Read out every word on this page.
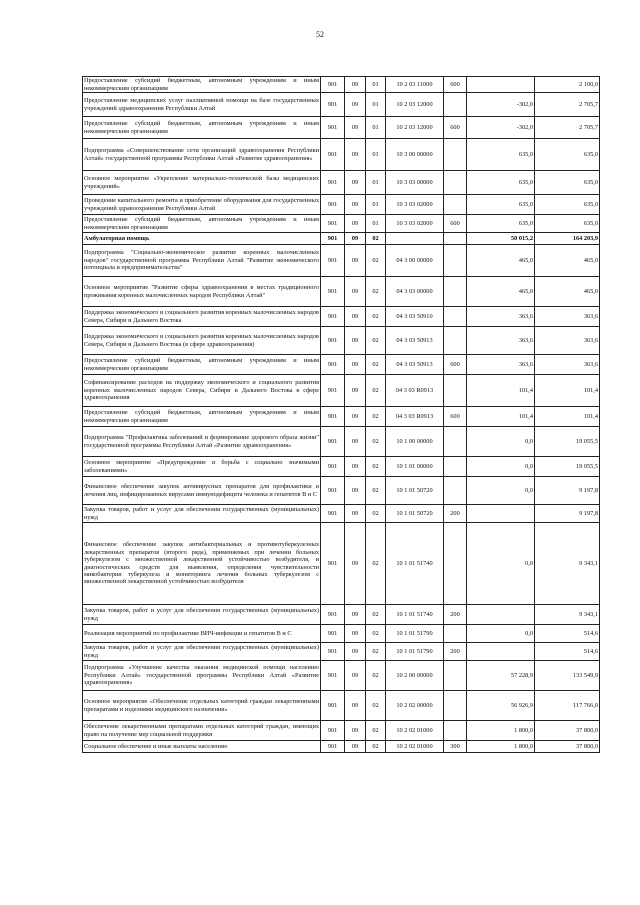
52
Предоставление субсидий бюджетным, автономным учреждениям и иным некоммерческим организациям	901	09	01	10 2 03 11000	600		2 100,0
Предоставление медицинских услуг паллиативной помощи на базе государственных учреждений здравоохранения Республики Алтай	901	09	01	10 2 03 12000		-302,0	2 705,7
Предоставление субсидий бюджетным, автономным учреждениям и иным некоммерческим организациям	901	09	01	10 2 03 12000	600	-302,0	2 705,7
Подпрограмма «Совершенствование сети организаций здравоохранения Республики Алтай» государственной программы Республики Алтай «Развитие здравоохранения»	901	09	01	10 3 00 00000		635,0	635,0
Основное мероприятие «Укрепление материально-технической базы медицинских учреждений»	901	09	01	10 3 03 00000		635,0	635,0
Проведение капитального ремонта и приобретение оборудования для государственных учреждений здравоохранения Республики Алтай	901	09	01	10 3 03 02000		635,0	635,0
Предоставление субсидий бюджетным, автономным учреждениям и иным некоммерческим организациям	901	09	01	10 3 03 02000	600	635,0	635,0
Амбулаторная помощь	901	09	02			50 015,2	164 203,9
Подпрограмма "Социально-экономическое развитие коренных малочисленных народов" государственной программы Республики Алтай "Развитие экономического потенциала и предпринимательства"	901	09	02	04 3 00 00000		465,0	465,0
Основное мероприятие "Развитие сферы здравоохранения в местах традиционного проживания коренных малочисленных народов Республики Алтай"	901	09	02	04 3 03 00000		465,0	465,0
Поддержка экономического и социального развития коренных малочисленных народов Севера, Сибири и Дальнего Востока	901	09	02	04 3 03 50910		363,6	363,6
Поддержка экономического и социального развития коренных малочисленных народов Севера, Сибири и Дальнего Востока (в сфере здравоохранения)	901	09	02	04 3 03 50913		363,6	363,6
Предоставление субсидий бюджетным, автономным учреждениям и иным некоммерческим организациям	901	09	02	04 3 03 50913	600	363,6	363,6
Софинансирование расходов на поддержку экономического и социального развития коренных малочисленных народов Севера, Сибири и Дальнего Востока в сфере здравоохранения	901	09	02	04 3 03 R0913		101,4	101,4
Предоставление субсидий бюджетным, автономным учреждениям и иным некоммерческим организациям	901	09	02	04 3 03 R0913	600	101,4	101,4
Подпрограмма "Профилактика заболеваний и формирование здорового образа жизни" государственной программы Республики Алтай «Развитие здравоохранения»	901	09	02	10 1 00 00000		0,0	19 055,5
Основное мероприятие «Предупреждение и борьба с социально значимыми заболеваниями»	901	09	02	10 1 01 00000		0,0	19 055,5
Финансовое обеспечение закупок антивирусных препаратов для профилактики и лечения лиц, инфицированных вирусами иммунодефицита человека и гепатитов В и С	901	09	02	10 1 01 50720		0,0	9 197,8
Закупка товаров, работ и услуг для обеспечения государственных (муниципальных) нужд	901	09	02	10 1 01 50720	200		9 197,8
Финансовое обеспечение закупок антибактериальных и противотуберкулезных лекарственных препаратов (второго ряда), применяемых при лечении больных туберкулезом с множественной лекарственной устойчивостью возбудителя, и диагностических средств для выявления, определения чувствительности микобактерии туберкулеза и мониторинга лечения больных туберкулезом с множественной лекарственной устойчивостью возбудителя	901	09	02	10 1 01 51740		0,0	9 343,1
Закупка товаров, работ и услуг для обеспечения государственных (муниципальных) нужд	901	09	02	10 1 01 51740	200		9 343,1
Реализация мероприятий по профилактике ВИЧ-инфекции и гепатитов В и С	901	09	02	10 1 01 51790		0,0	514,6
Закупка товаров, работ и услуг для обеспечения государственных (муниципальных) нужд	901	09	02	10 1 01 51790	200		514,6
Подпрограмма «Улучшение качества оказания медицинской помощи населению Республики Алтай» государственной программы Республики Алтай «Развитие здравоохранения»	901	09	02	10 2 00 00000		57 228,9	133 549,9
Основное мероприятие «Обеспечение отдельных категорий граждан лекарственными препаратами и изделиями медицинского назначения»	901	09	02	10 2 02 00000		56 926,9	117 766,0
Обеспечение лекарственными препаратами отдельных категорий граждан, имеющих право на получение мер социальной поддержки	901	09	02	10 2 02 01000		1 800,0	37 800,0
Социальное обеспечение и иные выплаты населению	901	09	02	10 2 02 01000	300	1 800,0	37 800,0
